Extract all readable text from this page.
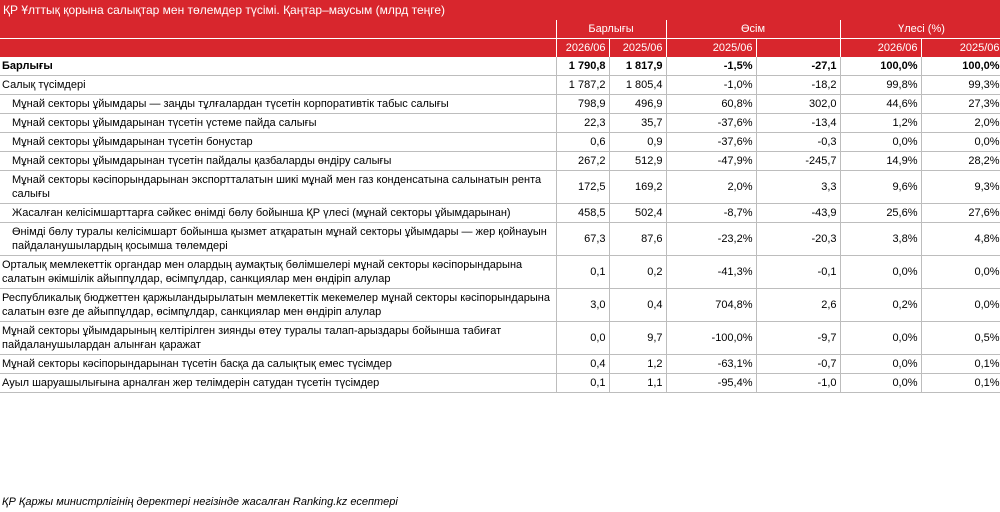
ҚР Ұлттық қорына салықтар мен төлемдер түсімі. Қаңтар–маусым (млрд теңге)
	Барлығы		Өсім		Үлесі (%)	
	2026/06	2025/06	2025/06		2026/06	2025/06
Барлығы	1 790,8	1 817,9	-1,5%	-27,1	100,0%	100,0%
Салық түсімдері	1 787,2	1 805,4	-1,0%	-18,2	99,8%	99,3%
Мұнай секторы ұйымдары — заңды тұлғалардан түсетін корпоративтік табыс салығы	798,9	496,9	60,8%	302,0	44,6%	27,3%
Мұнай секторы ұйымдарынан түсетін үстеме пайда салығы	22,3	35,7	-37,6%	-13,4	1,2%	2,0%
Мұнай секторы ұйымдарынан түсетін бонустар	0,6	0,9	-37,6%	-0,3	0,0%	0,0%
Мұнай секторы ұйымдарынан түсетін пайдалы қазбаларды өндіру салығы	267,2	512,9	-47,9%	-245,7	14,9%	28,2%
Мұнай секторы кәсіпорындарынан экспортталатын шикі мұнай мен газ конденсатына салынатын рента салығы	172,5	169,2	2,0%	3,3	9,6%	9,3%
Жасалған келісімшарттарға сәйкес өнімді бөлу бойынша ҚР үлесі (мұнай секторы ұйымдарынан)	458,5	502,4	-8,7%	-43,9	25,6%	27,6%
Өнімді бөлу туралы келісімшарт бойынша қызмет атқаратын мұнай секторы ұйымдары — жер қойнауын пайдаланушылардың қосымша төлемдері	67,3	87,6	-23,2%	-20,3	3,8%	4,8%
Орталық мемлекеттік органдар мен олардың аумақтық бөлімшелері мұнай секторы кәсіпорындарына салатын әкімшілік айыппұлдар, өсімпұлдар, санкциялар мен өндіріп алулар	0,1	0,2	-41,3%	-0,1	0,0%	0,0%
Республикалық бюджеттен қаржыландырылатын мемлекеттік мекемелер мұнай секторы кәсіпорындарына салатын өзге де айыппұлдар, өсімпұлдар, санкциялар мен өндіріп алулар	3,0	0,4	704,8%	2,6	0,2%	0,0%
Мұнай секторы ұйымдарының келтірілген зиянды өтеу туралы талап-арыздары бойынша табиғат пайдаланушылардан алынған қаражат	0,0	9,7	-100,0%	-9,7	0,0%	0,5%
Мұнай секторы кәсіпорындарынан түсетін басқа да салықтық емес түсімдер	0,4	1,2	-63,1%	-0,7	0,0%	0,1%
Ауыл шаруашылығына арналған жер телімдерін сатудан түсетін түсімдер	0,1	1,1	-95,4%	-1,0	0,0%	0,1%
ҚР Қаржы министрлігінің деректері негізінде жасалған Ranking.kz есептері
